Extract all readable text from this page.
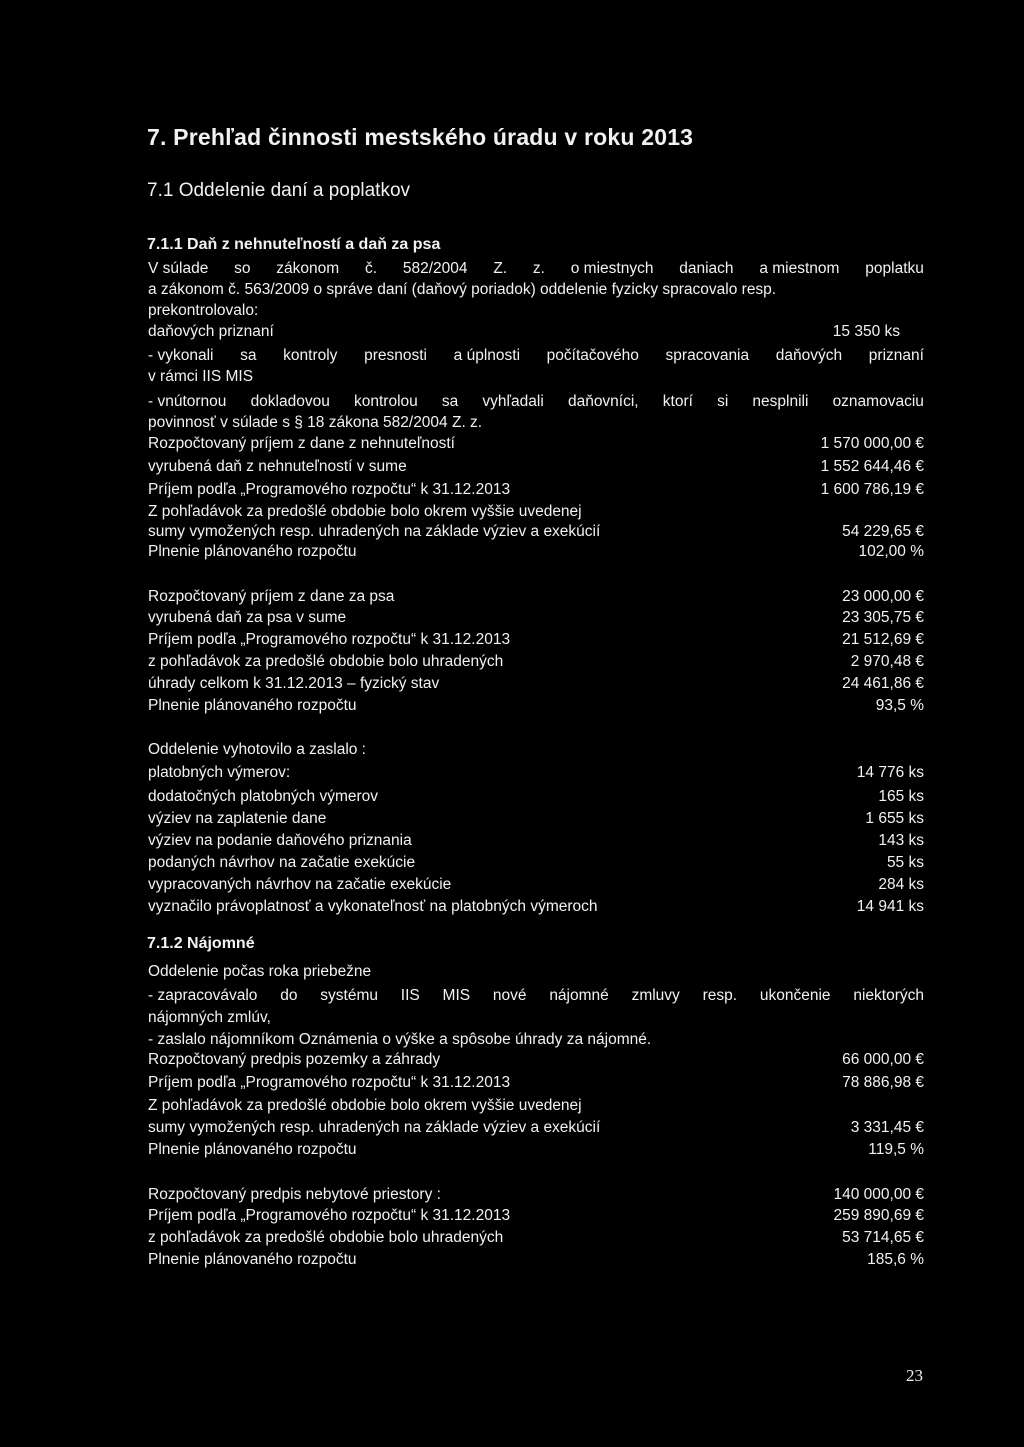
7. Prehľad činnosti mestského úradu v roku 2013
7.1 Oddelenie daní a poplatkov
7.1.1 Daň z nehnuteľností a daň za psa
V súlade so zákonom č. 582/2004 Z. z. o miestnych daniach a miestnom poplatku
a zákonom č. 563/2009 o správe daní (daňový poriadok) oddelenie fyzicky spracovalo resp.
prekontrolovalo:
daňových priznaní	15 350 ks
- vykonali sa kontroly presnosti a úplnosti počítačového spracovania daňových priznaní
v rámci IIS MIS
- vnútornou dokladovou kontrolou sa vyhľadali daňovníci, ktorí si nesplnili oznamovaciu
povinnosť v súlade s § 18 zákona 582/2004 Z. z.
Rozpočtovaný príjem z dane z nehnuteľností	1 570 000,00 €
vyrubená daň z nehnuteľností v sume	1 552 644,46 €
Príjem podľa „Programového rozpočtu“ k 31.12.2013	1 600 786,19 €
Z pohľadávok za predošlé obdobie bolo okrem vyššie uvedenej
sumy vymožených resp. uhradených na základe výziev a exekúcií	54 229,65 €
Plnenie plánovaného rozpočtu	102,00 %
Rozpočtovaný príjem z dane za psa	23 000,00 €
vyrubená daň za psa v sume	23 305,75 €
Príjem podľa „Programového rozpočtu“ k 31.12.2013	21 512,69 €
z pohľadávok za predošlé obdobie bolo uhradených	2 970,48 €
úhrady celkom k 31.12.2013 – fyzický stav	24 461,86 €
Plnenie plánovaného rozpočtu	93,5 %
Oddelenie vyhotovilo a zaslalo :
platobných výmerov:	14 776 ks
dodatočných platobných výmerov	165 ks
výziev na zaplatenie dane	1 655 ks
výziev na podanie daňového priznania	143 ks
podaných návrhov na začatie exekúcie	55 ks
vypracovaných návrhov na začatie exekúcie	284 ks
vyznačilo právoplatnosť a vykonateľnosť na platobných výmeroch	14 941 ks
7.1.2 Nájomné
Oddelenie počas roka priebežne
- zapracovávalo do systému IIS MIS nové nájomné zmluvy resp. ukončenie niektorých
nájomných zmlúv,
- zaslalo nájomníkom Oznámenia o výške a spôsobe úhrady za nájomné.
Rozpočtovaný predpis pozemky a záhrady	66 000,00 €
Príjem podľa „Programového rozpočtu“ k 31.12.2013	78 886,98 €
Z pohľadávok za predošlé obdobie bolo okrem vyššie uvedenej
sumy vymožených resp. uhradených na základe výziev a exekúcií	3 331,45 €
Plnenie plánovaného rozpočtu	119,5 %
Rozpočtovaný predpis nebytové priestory :	140 000,00 €
Príjem podľa „Programového rozpočtu“ k 31.12.2013	259 890,69 €
z pohľadávok za predošlé obdobie bolo uhradených	53 714,65 €
Plnenie plánovaného rozpočtu	185,6 %
23
